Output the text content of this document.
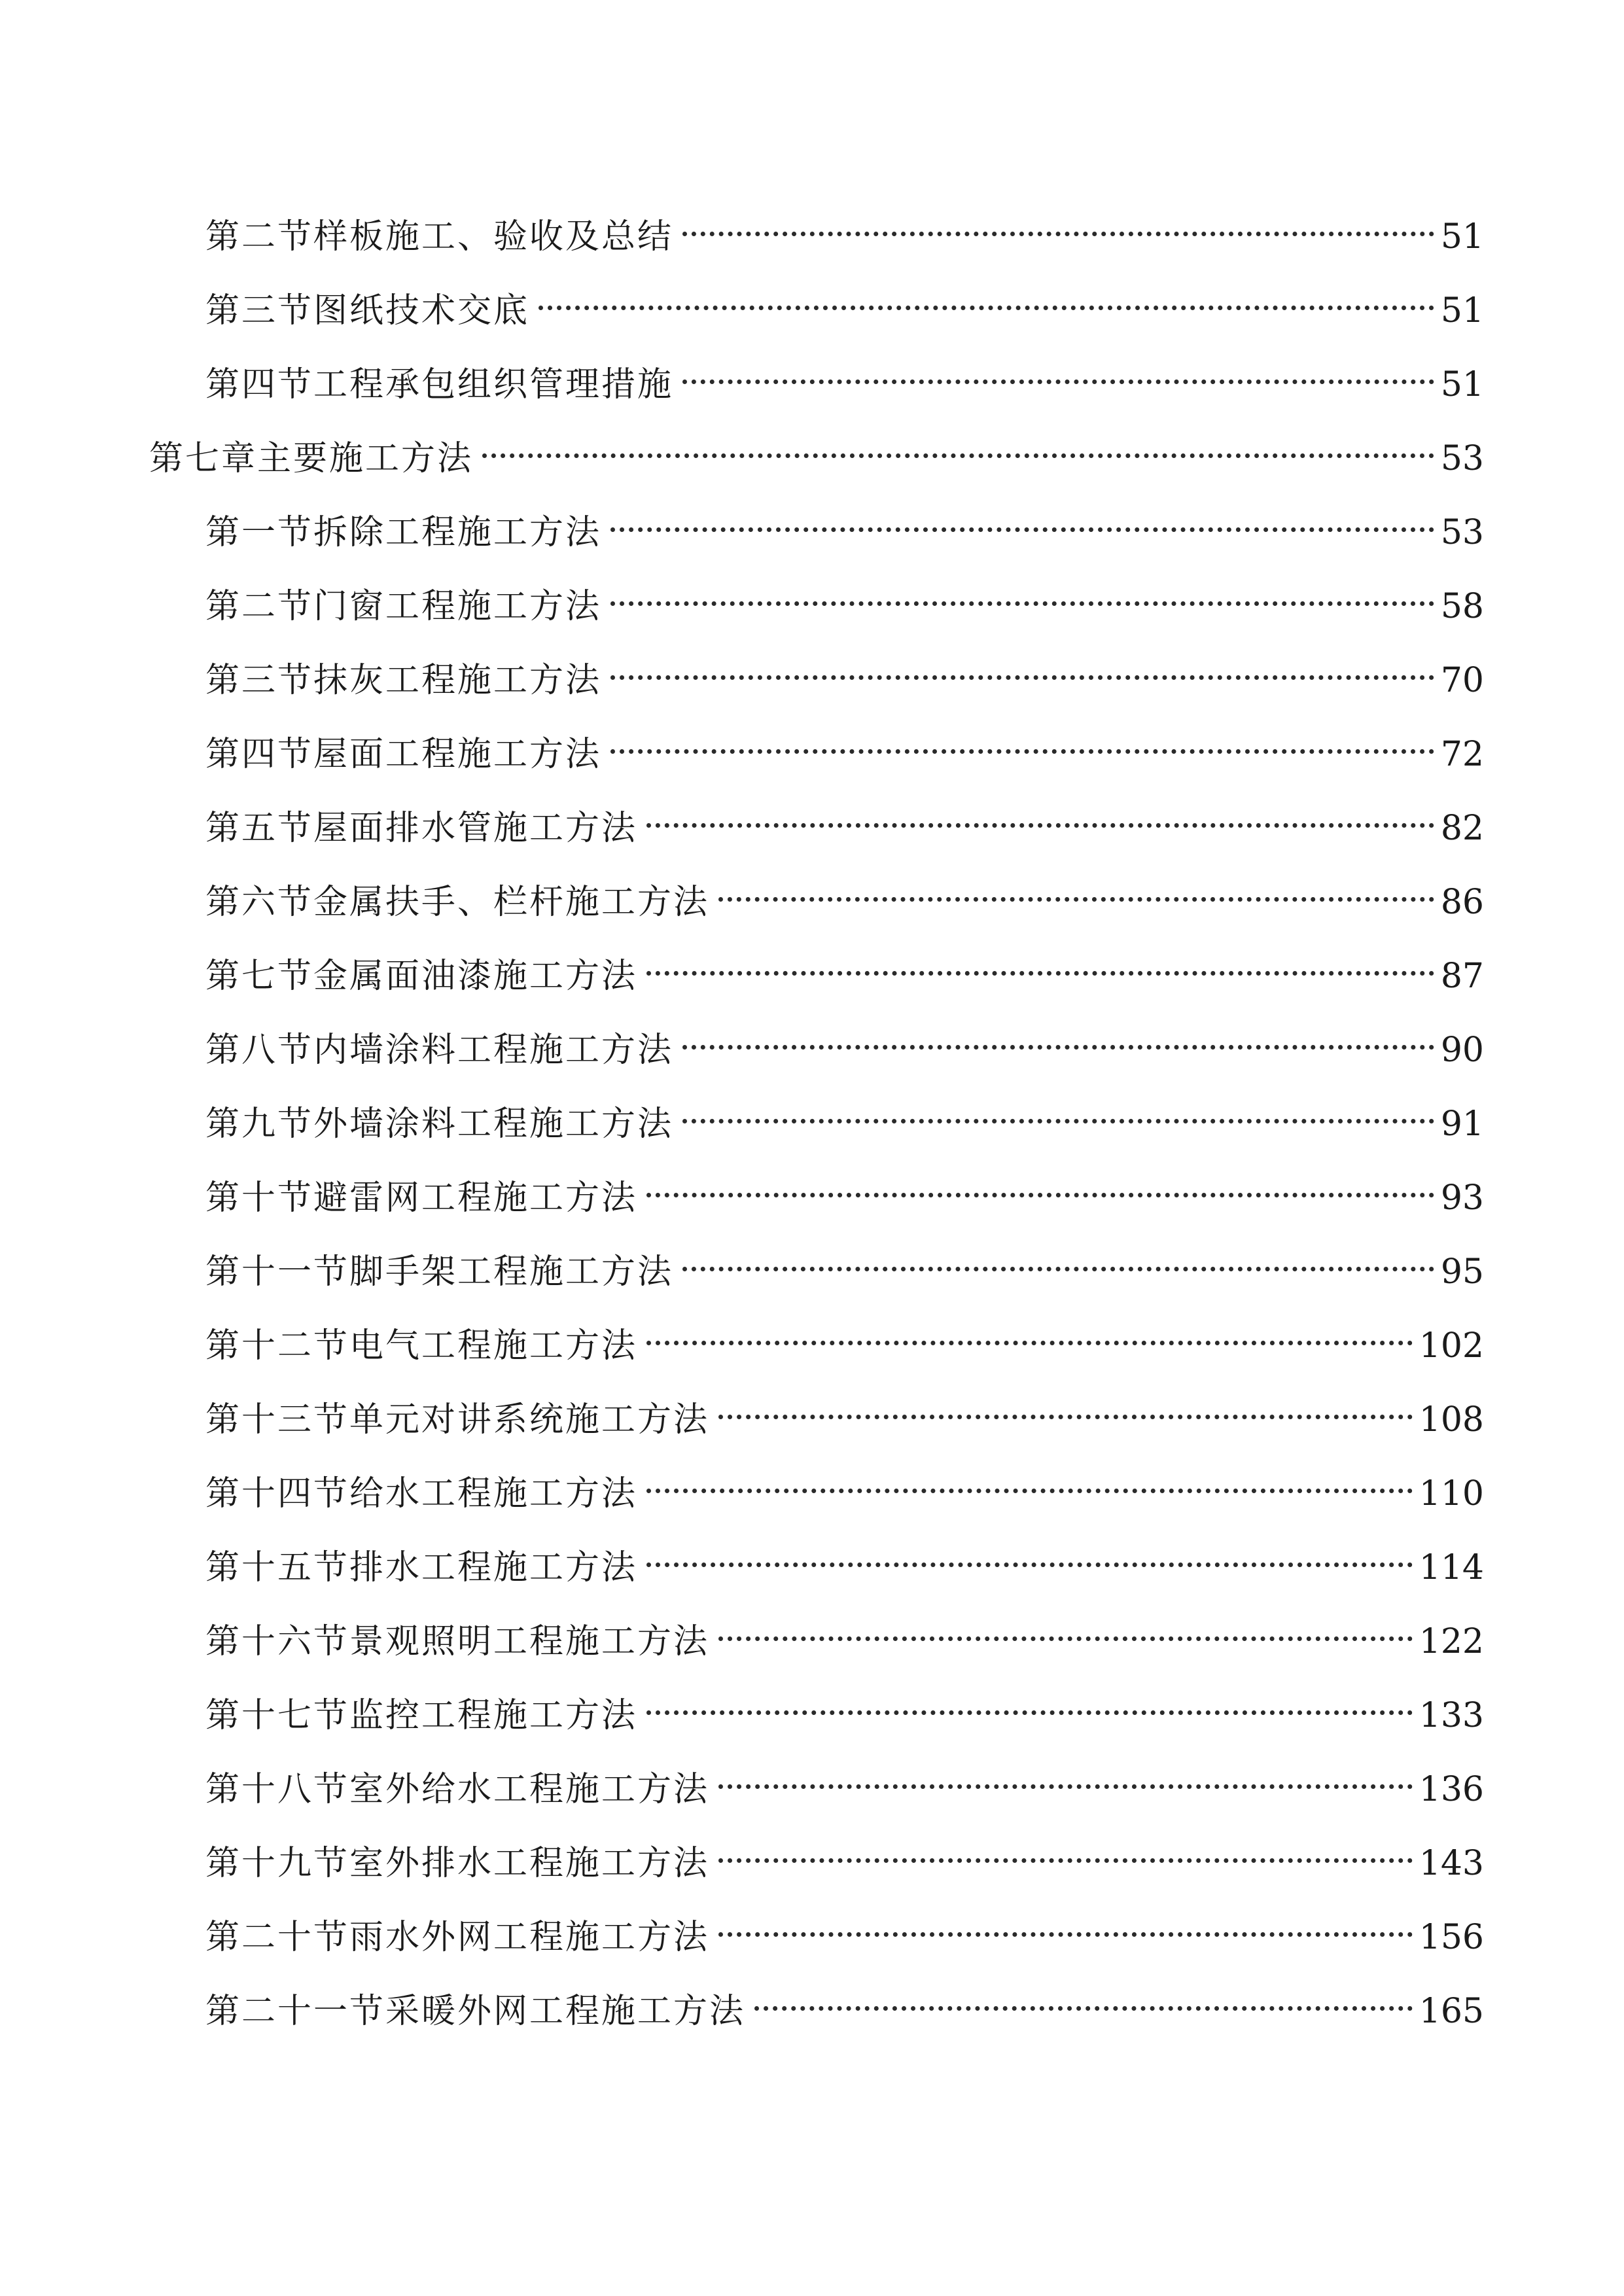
第二节样板施工、验收及总结	51
第三节图纸技术交底	51
第四节工程承包组织管理措施	51
第七章主要施工方法	53
第一节拆除工程施工方法	53
第二节门窗工程施工方法	58
第三节抹灰工程施工方法	70
第四节屋面工程施工方法	72
第五节屋面排水管施工方法	82
第六节金属扶手、栏杆施工方法	86
第七节金属面油漆施工方法	87
第八节内墙涂料工程施工方法	90
第九节外墙涂料工程施工方法	91
第十节避雷网工程施工方法	93
第十一节脚手架工程施工方法	95
第十二节电气工程施工方法	102
第十三节单元对讲系统施工方法	108
第十四节给水工程施工方法	110
第十五节排水工程施工方法	114
第十六节景观照明工程施工方法	122
第十七节监控工程施工方法	133
第十八节室外给水工程施工方法	136
第十九节室外排水工程施工方法	143
第二十节雨水外网工程施工方法	156
第二十一节采暖外网工程施工方法	165
